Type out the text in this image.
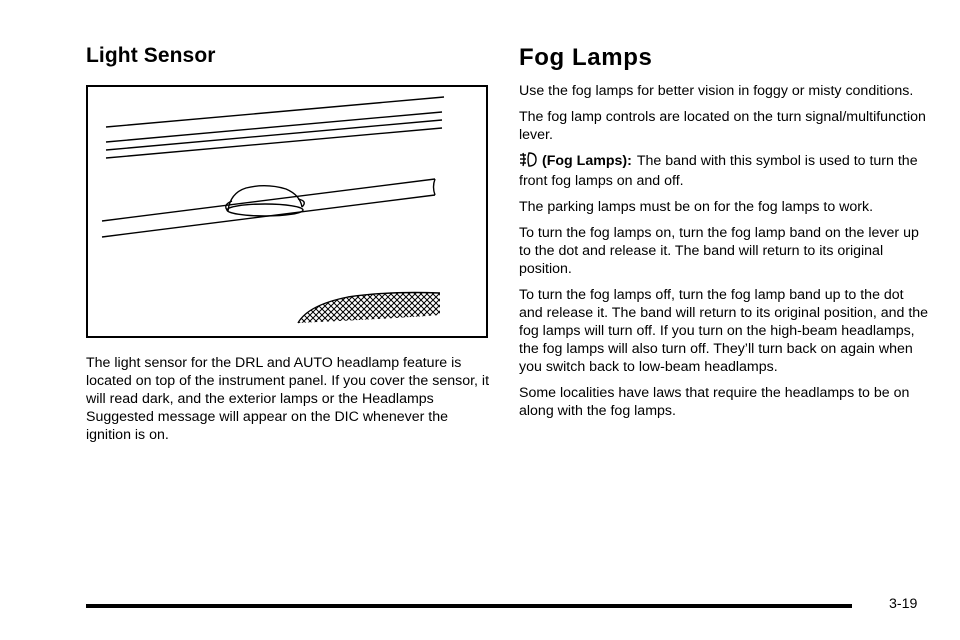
Light Sensor

The light sensor for the DRL and AUTO headlamp feature is located on top of the instrument panel. If you cover the sensor, it will read dark, and the exterior lamps or the Headlamps Suggested message will appear on the DIC whenever the ignition is on.

Fog Lamps

Use the fog lamps for better vision in foggy or misty conditions.

The fog lamp controls are located on the turn signal/multifunction lever.

(Fog Lamps): The band with this symbol is used to turn the front fog lamps on and off.

The parking lamps must be on for the fog lamps to work.

To turn the fog lamps on, turn the fog lamp band on the lever up to the dot and release it. The band will return to its original position.

To turn the fog lamps off, turn the fog lamp band up to the dot and release it. The band will return to its original position, and the fog lamps will turn off. If you turn on the high-beam headlamps, the fog lamps will also turn off. They’ll turn back on again when you switch back to low-beam headlamps.

Some localities have laws that require the headlamps to be on along with the fog lamps.

3-19
